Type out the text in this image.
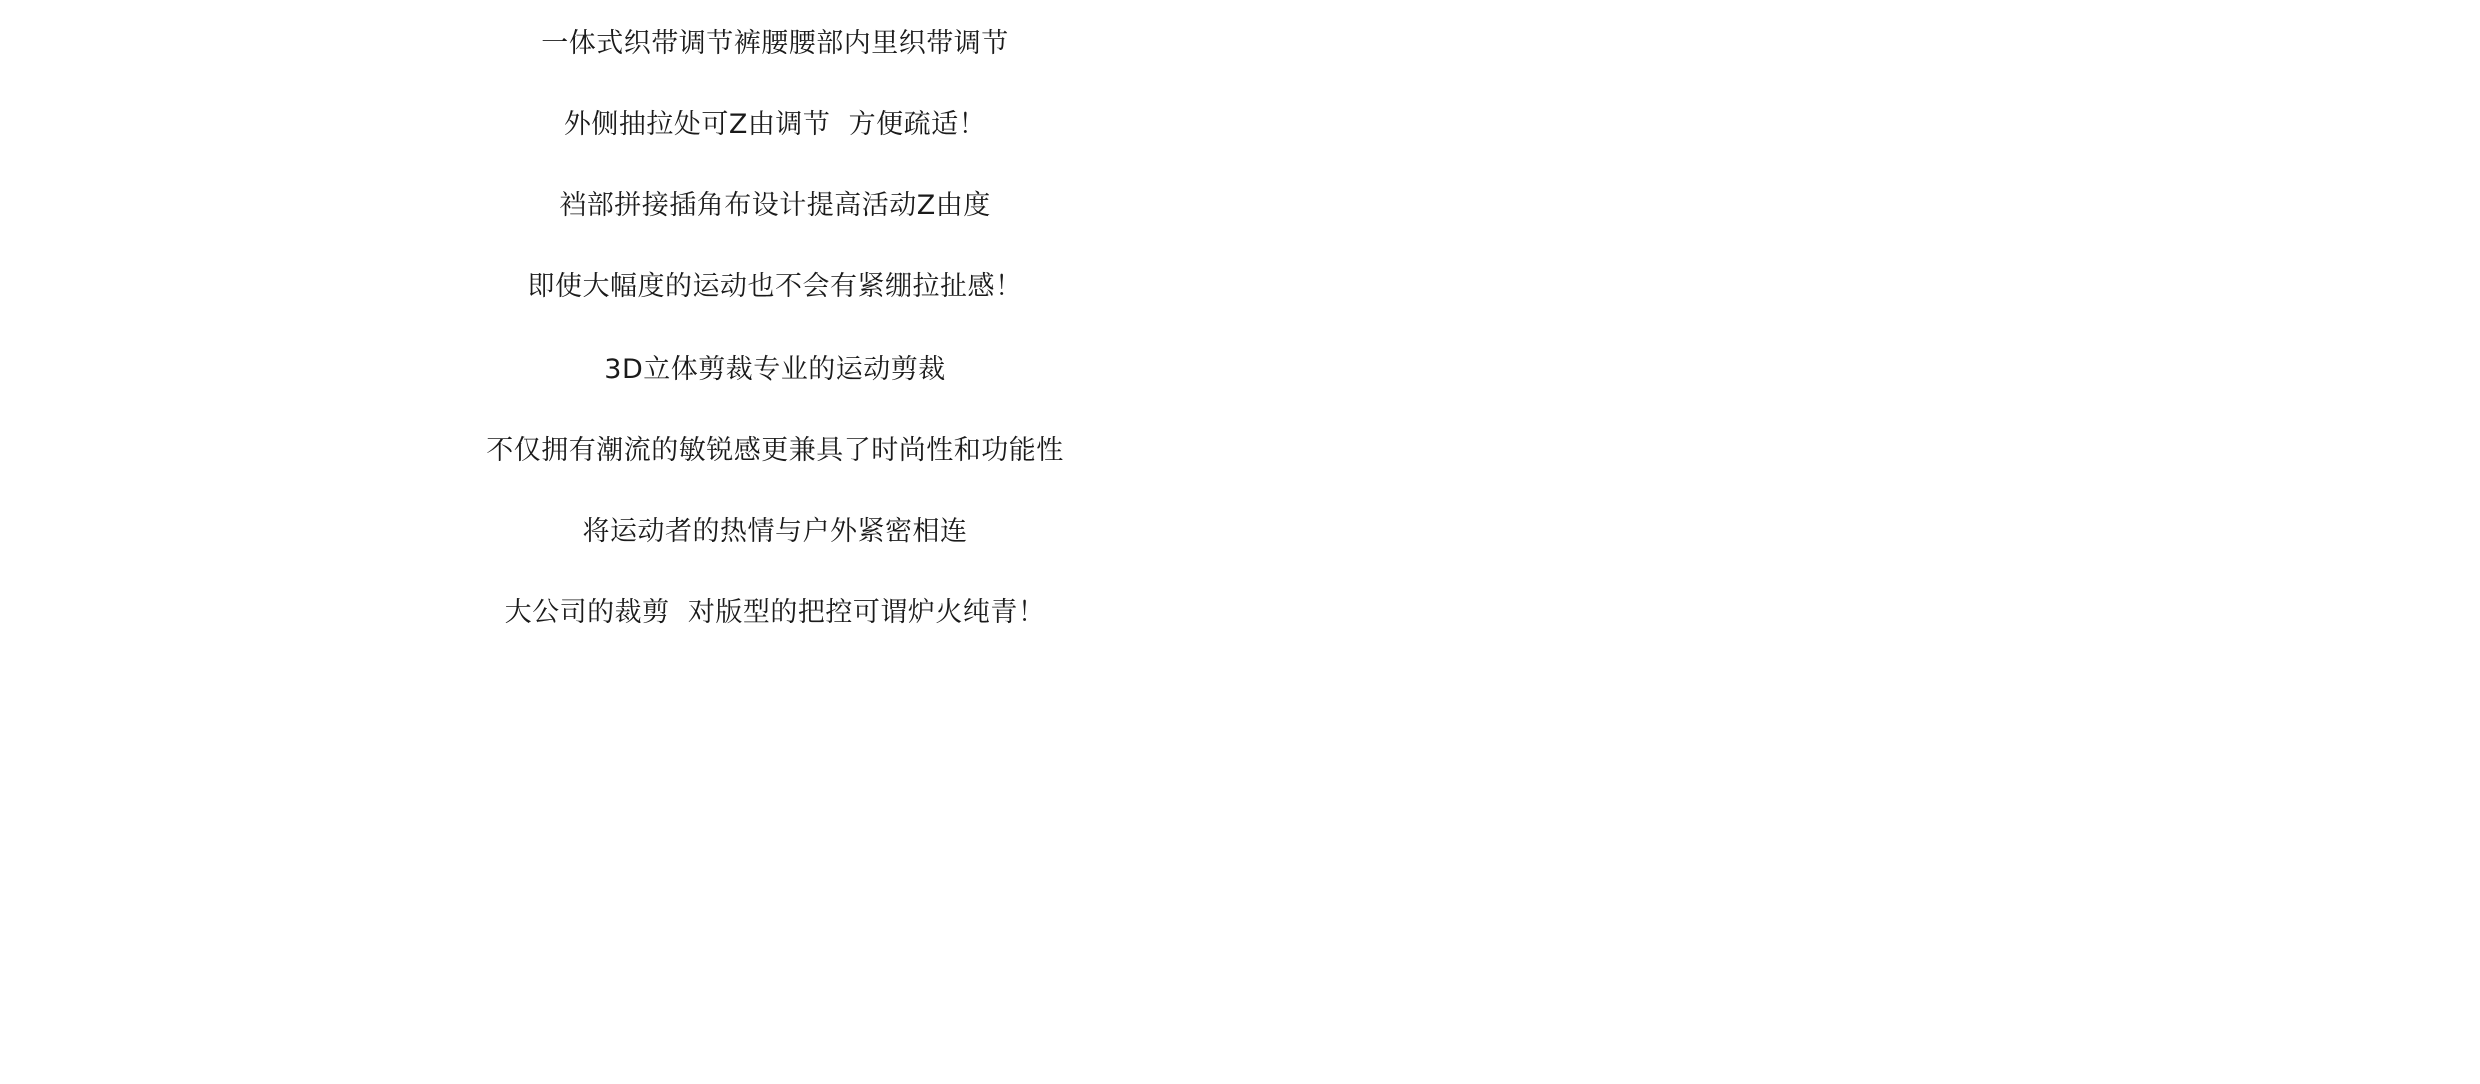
一体式织带调节裤腰腰部内里织带调节
外侧抽拉处可Z由调节  方便疏适！
裆部拼接插角布设计提高活动Z由度
即使大幅度的运动也不会有紧绷拉扯感！
3D立体剪裁专业的运动剪裁
不仅拥有潮流的敏锐感更兼具了时尚性和功能性
将运动者的热情与户外紧密相连
大公司的裁剪  对版型的把控可谓炉火纯青！
